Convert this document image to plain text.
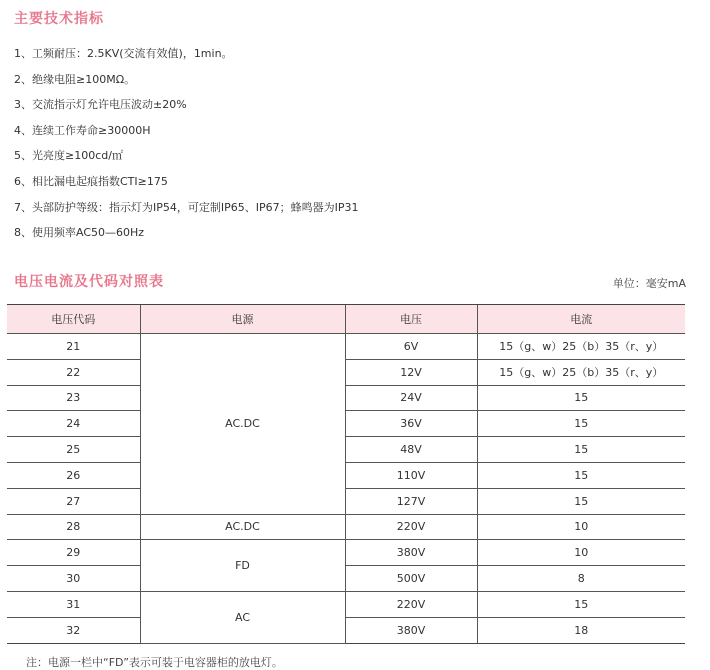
主要技术指标
1、工频耐压：2.5KV(交流有效值)，1min。
2、绝缘电阻≥100MΩ。
3、交流指示灯允许电压波动±20%
4、连续工作寿命≥30000H
5、光亮度≥100cd/㎡
6、相比漏电起痕指数CTI≥175
7、头部防护等级：指示灯为IP54，可定制IP65、IP67；蜂鸣器为IP31
8、使用频率AC50—60Hz
电压电流及代码对照表	单位：毫安mA
电压代码	电源	电压	电流
21	AC.DC	6V	15（g、w）25（b）35（r、y）
22		12V	15（g、w）25（b）35（r、y）
23		24V	15
24		36V	15
25		48V	15
26		110V	15
27		127V	15
28	AC.DC	220V	10
29	FD	380V	10
30		500V	8
31	AC	220V	15
32		380V	18

注：电源一栏中“FD”表示可装于电容器柜的放电灯。
